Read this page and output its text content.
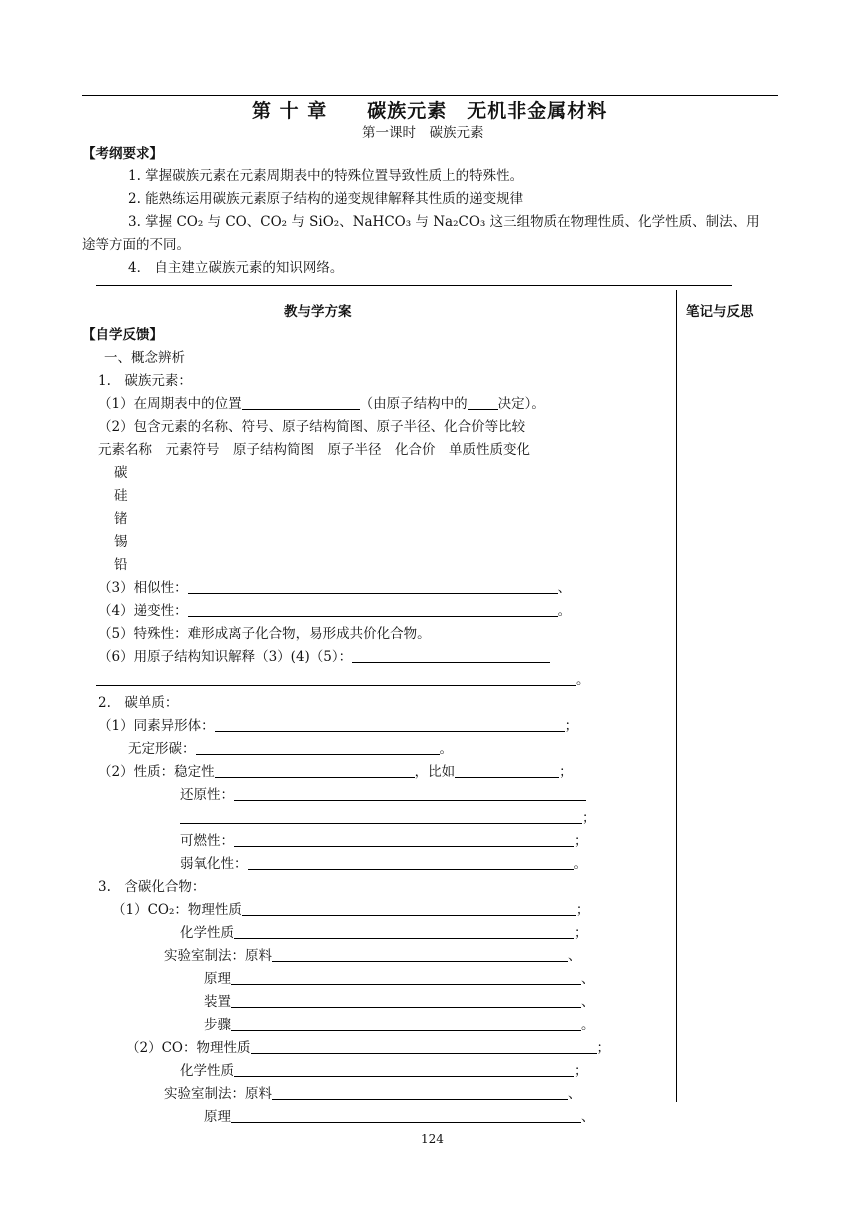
第 十 章　　碳族元素　无机非金属材料
第一课时　碳族元素
【考纲要求】
1. 掌握碳族元素在元素周期表中的特殊位置导致性质上的特殊性。
2. 能熟练运用碳族元素原子结构的递变规律解释其性质的递变规律
3. 掌握 CO₂ 与 CO、CO₂ 与 SiO₂、NaHCO₃ 与 Na₂CO₃ 这三组物质在物理性质、化学性质、制法、用
途等方面的不同。
4． 自主建立碳族元素的知识网络。
教与学方案	笔记与反思
【自学反馈】
一、概念辨析
1.　碳族元素：
（1）在周期表中的位置	（由原子结构中的 决定）。
（2）包含元素的名称、符号、原子结构简图、原子半径、化合价等比较
元素名称　元素符号　原子结构简图　原子半径　化合价　单质性质变化
碳
硅
锗
锡
铅
（3）相似性：	、
（4）递变性：	。
（5）特殊性：难形成离子化合物，易形成共价化合物。
（6）用原子结构知识解释（3）(4)（5）：
。
2.　碳单质：
（1）同素异形体：	；
无定形碳：	。
（2）性质：稳定性	，比如	；
还原性：
；
可燃性：	；
弱氧化性：	。
3.　含碳化合物：
（1）CO₂：物理性质	；
化学性质	；
实验室制法：原料	、
原理	、
装置	、
步骤	。
（2）CO：物理性质	；
化学性质	；
实验室制法：原料	、
原理	、
124
